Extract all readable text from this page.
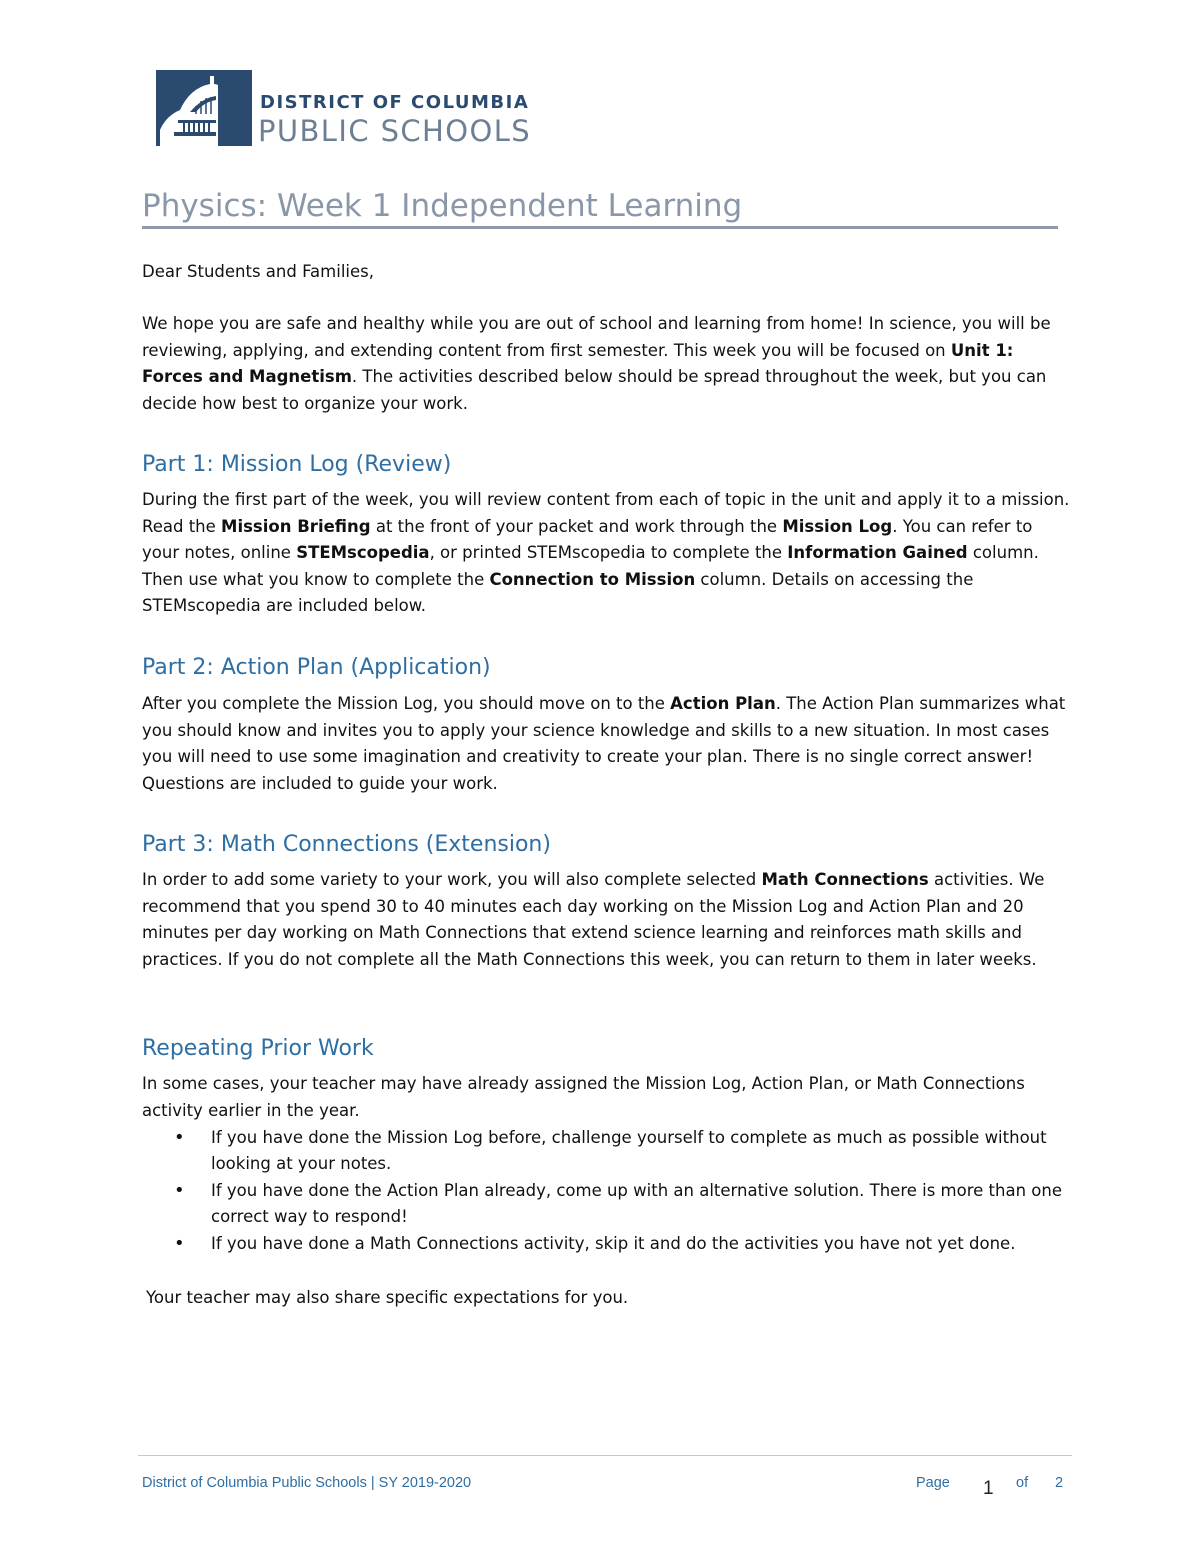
DISTRICT OF COLUMBIA
PUBLIC SCHOOLS
Physics: Week 1 Independent Learning
Dear Students and Families,
We hope you are safe and healthy while you are out of school and learning from home! In science, you will be reviewing, applying, and extending content from first semester. This week you will be focused on Unit 1: Forces and Magnetism. The activities described below should be spread throughout the week, but you can decide how best to organize your work.
Part 1: Mission Log (Review)
During the first part of the week, you will review content from each of topic in the unit and apply it to a mission. Read the Mission Briefing at the front of your packet and work through the Mission Log. You can refer to your notes, online STEMscopedia, or printed STEMscopedia to complete the Information Gained column. Then use what you know to complete the Connection to Mission column. Details on accessing the STEMscopedia are included below.
Part 2: Action Plan (Application)
After you complete the Mission Log, you should move on to the Action Plan. The Action Plan summarizes what you should know and invites you to apply your science knowledge and skills to a new situation. In most cases you will need to use some imagination and creativity to create your plan. There is no single correct answer! Questions are included to guide your work.
Part 3: Math Connections (Extension)
In order to add some variety to your work, you will also complete selected Math Connections activities. We recommend that you spend 30 to 40 minutes each day working on the Mission Log and Action Plan and 20 minutes per day working on Math Connections that extend science learning and reinforces math skills and practices. If you do not complete all the Math Connections this week, you can return to them in later weeks.
Repeating Prior Work
In some cases, your teacher may have already assigned the Mission Log, Action Plan, or Math Connections activity earlier in the year.
• If you have done the Mission Log before, challenge yourself to complete as much as possible without looking at your notes.
• If you have done the Action Plan already, come up with an alternative solution. There is more than one correct way to respond!
• If you have done a Math Connections activity, skip it and do the activities you have not yet done.
Your teacher may also share specific expectations for you.
District of Columbia Public Schools | SY 2019-2020	Page 1 of 2
